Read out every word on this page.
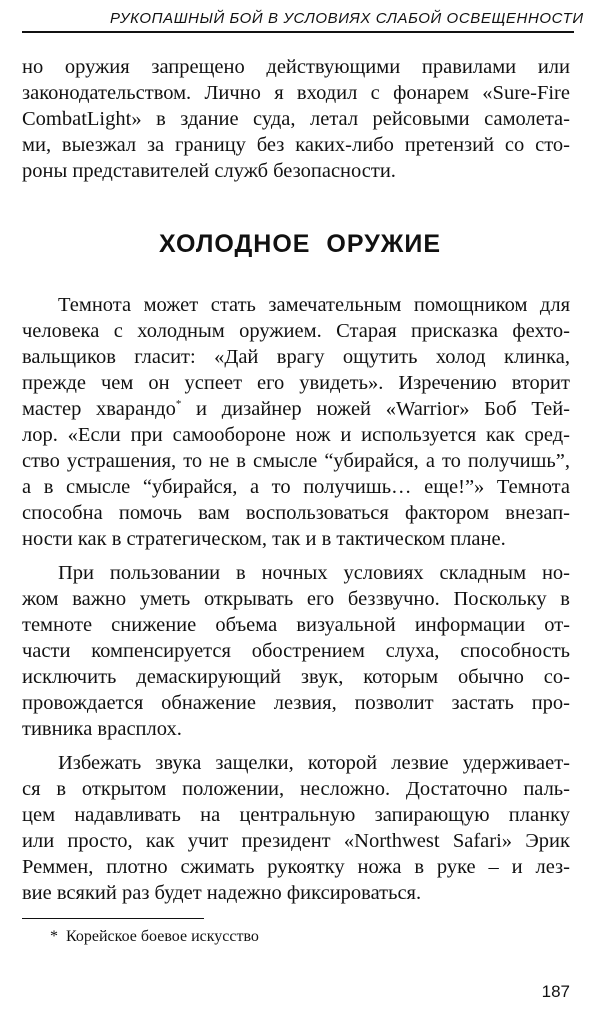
РУКОПАШНЫЙ БОЙ В УСЛОВИЯХ СЛАБОЙ ОСВЕЩЕННОСТИ
но оружия запрещено действующими правилами или
законодательством. Лично я входил с фонарем «Sure-Fire
CombatLight» в здание суда, летал рейсовыми самолета-
ми, выезжал за границу без каких-либо претензий со сто-
роны представителей служб безопасности.
ХОЛОДНОЕ ОРУЖИЕ
Темнота может стать замечательным помощником для
человека с холодным оружием. Старая присказка фехто-
вальщиков гласит: «Дай врагу ощутить холод клинка,
прежде чем он успеет его увидеть». Изречению вторит
мастер хварандо* и дизайнер ножей «Warrior» Боб Тей-
лор. «Если при самообороне нож и используется как сред-
ство устрашения, то не в смысле “убирайся, а то получишь”,
а в смысле “убирайся, а то получишь… еще!”» Темнота
способна помочь вам воспользоваться фактором внезап-
ности как в стратегическом, так и в тактическом плане.
При пользовании в ночных условиях складным но-
жом важно уметь открывать его беззвучно. Поскольку в
темноте снижение объема визуальной информации от-
части компенсируется обострением слуха, способность
исключить демаскирующий звук, которым обычно со-
провождается обнажение лезвия, позволит застать про-
тивника врасплох.
Избежать звука защелки, которой лезвие удерживает-
ся в открытом положении, несложно. Достаточно паль-
цем надавливать на центральную запирающую планку
или просто, как учит президент «Northwest Safari» Эрик
Реммен, плотно сжимать рукоятку ножа в руке – и лез-
вие всякий раз будет надежно фиксироваться.
* Корейское боевое искусство
187
